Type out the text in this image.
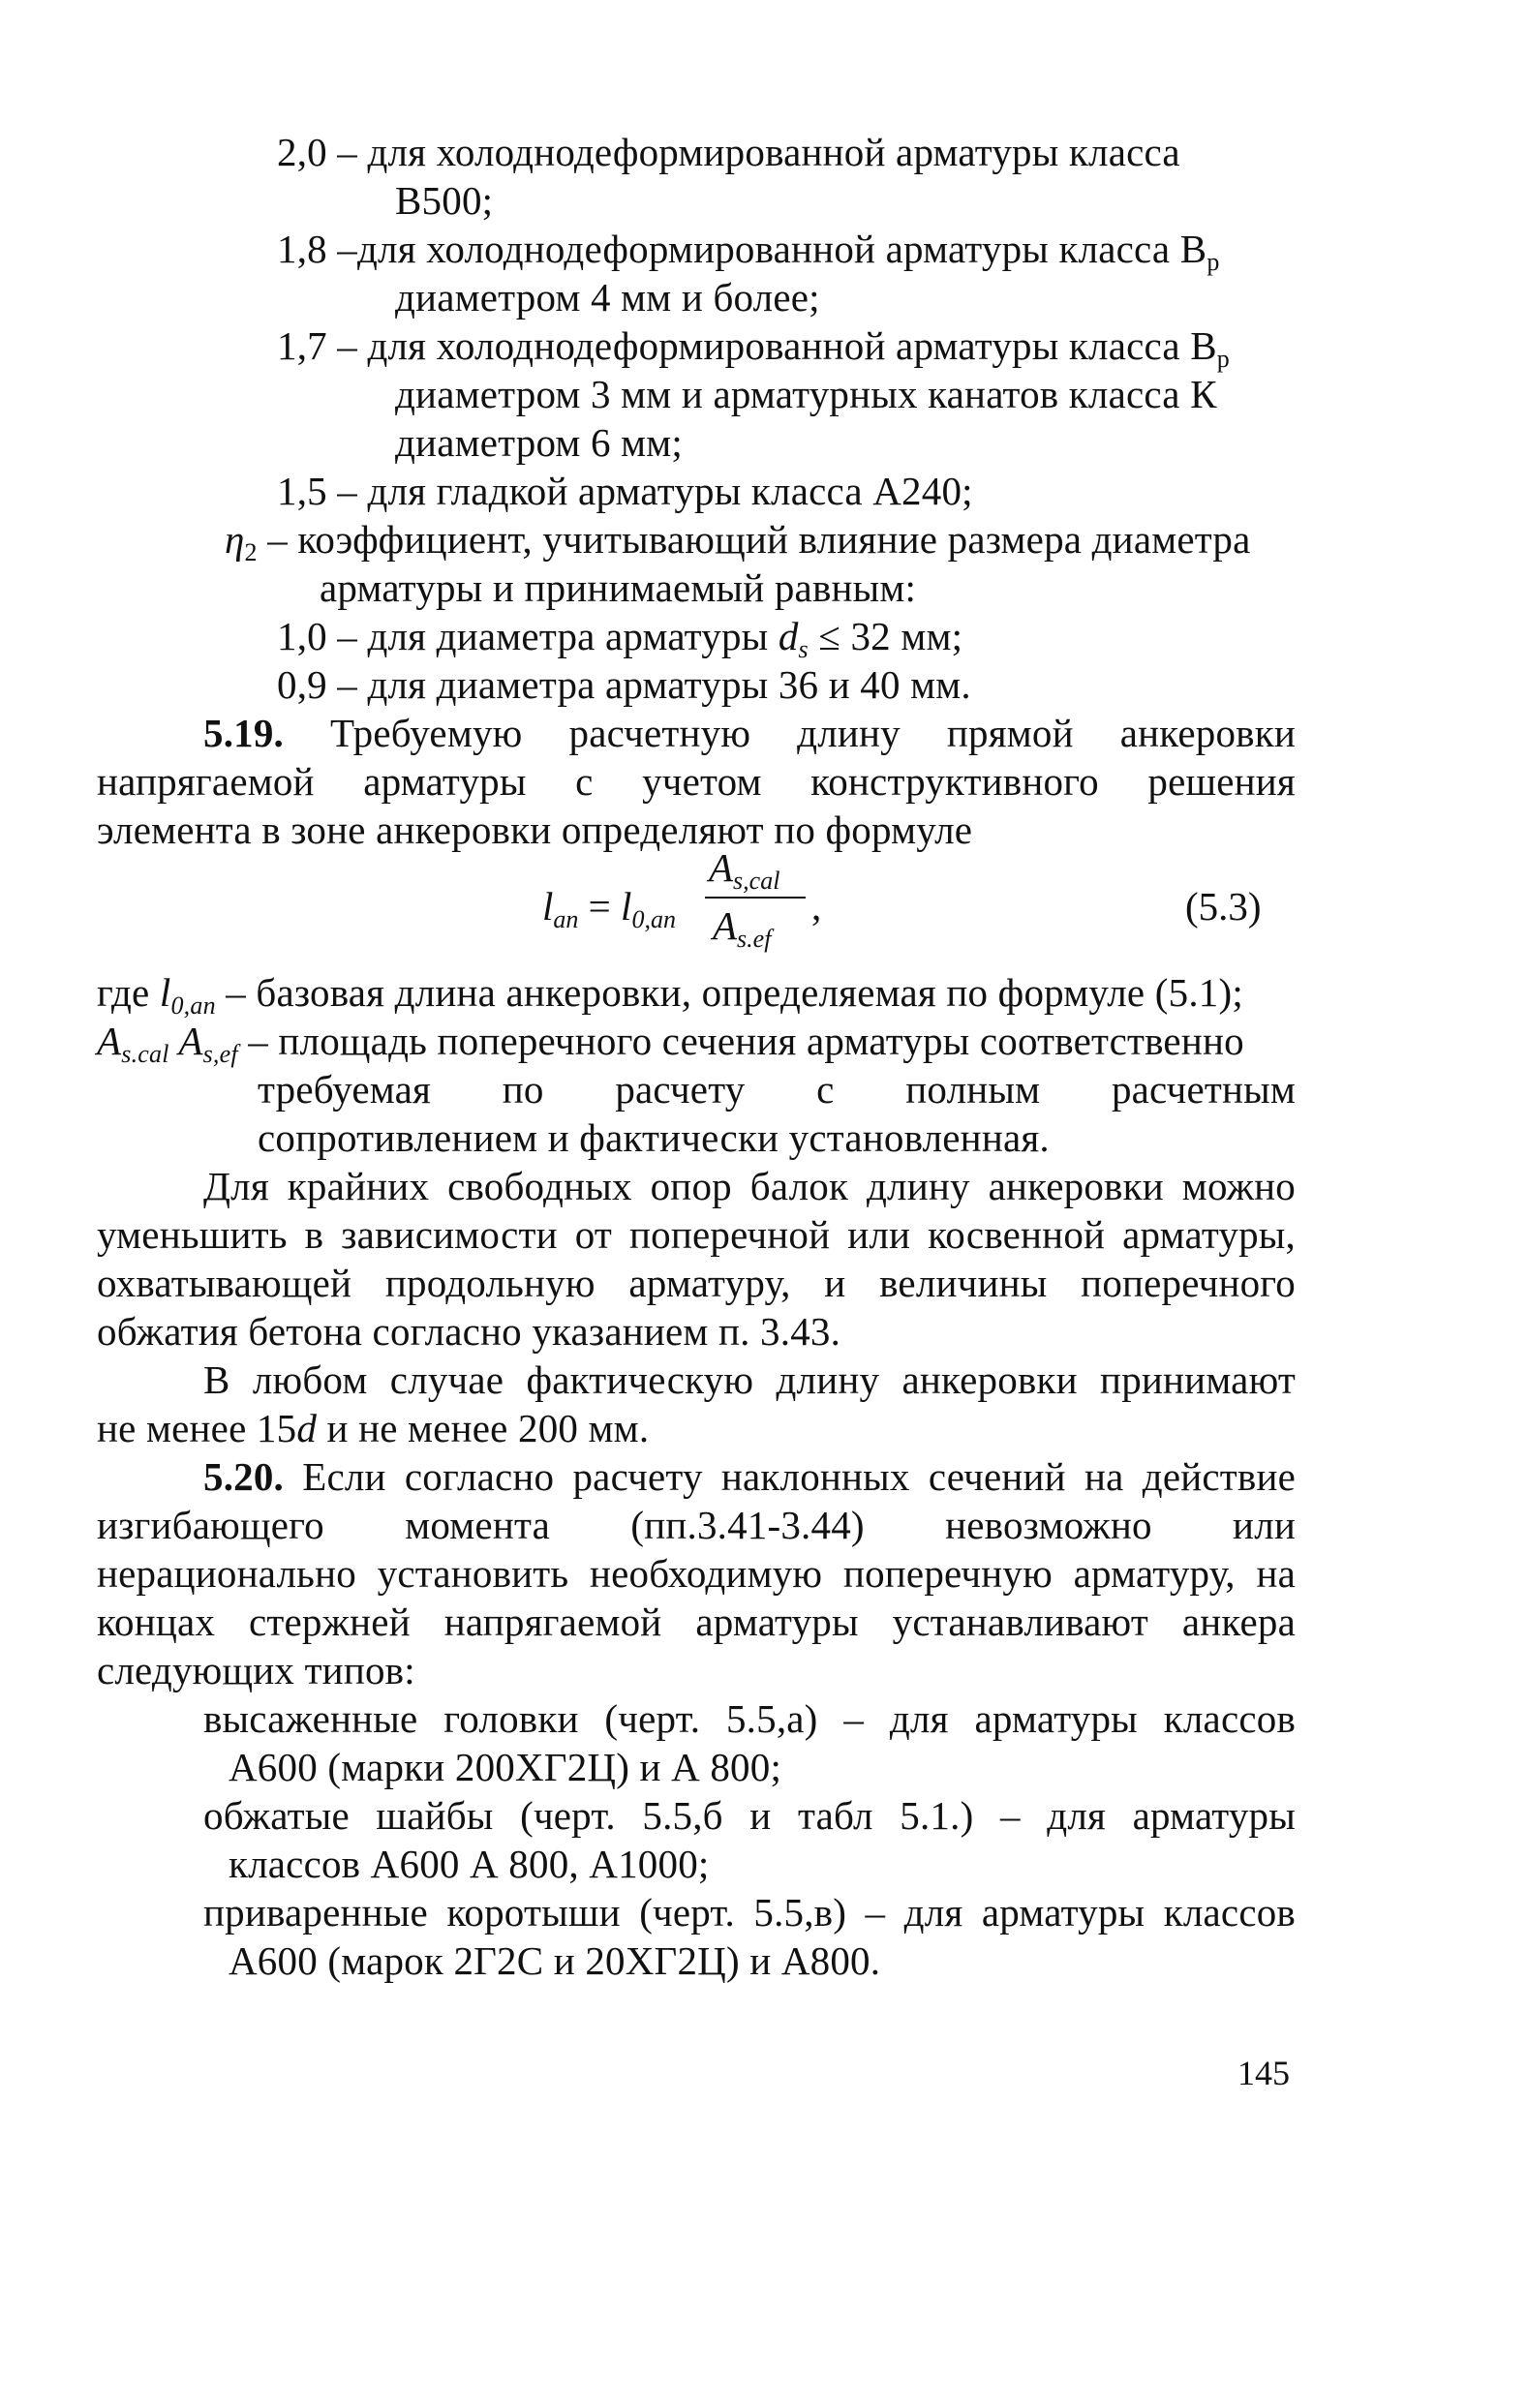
2,0 – для холоднодеформированной арматуры класса
B500;
1,8 –для холоднодеформированной арматуры класса $B_p$
диаметром 4 мм и более;
1,7 – для холоднодеформированной арматуры класса $B_p$
диаметром 3 мм и арматурных канатов класса К
диаметром 6 мм;
1,5 – для гладкой арматуры класса А240;
$\eta_2$ – коэффициент, учитывающий влияние размера диаметра
арматуры и принимаемый равным:
1,0 – для диаметра арматуры $d_s \le 32$ мм;
0,9 – для диаметра арматуры 36 и 40 мм.
5.19. Требуемую расчетную длину прямой анкеровки
напрягаемой арматуры с учетом конструктивного решения
элемента в зоне анкеровки определяют по формуле
$l_{an} = l_{0,an}$
$A_{s,cal}$
$A_{s.ef}$
,	(5.3)
где $l_{0,an}$ – базовая длина анкеровки, определяемая по формуле (5.1);
$A_{s.cal}$ $A_{s,ef}$ – площадь поперечного сечения арматуры соответственно
требуемая по расчету с полным расчетным
сопротивлением и фактически установленная.
Для крайних свободных опор балок длину анкеровки можно
уменьшить в зависимости от поперечной или косвенной арматуры,
охватывающей продольную арматуру, и величины поперечного
обжатия бетона согласно указанием п. 3.43.
В любом случае фактическую длину анкеровки принимают
не менее 15d и не менее 200 мм.
5.20. Если согласно расчету наклонных сечений на действие
изгибающего момента (пп.3.41-3.44) невозможно или
нерационально установить необходимую поперечную арматуру, на
концах стержней напрягаемой арматуры устанавливают анкера
следующих типов:
высаженные головки (черт. 5.5,а) – для арматуры классов
А600 (марки 200ХГ2Ц) и А 800;
обжатые шайбы (черт. 5.5,б и табл 5.1.) – для арматуры
классов А600 А 800, А1000;
приваренные коротыши (черт. 5.5,в) – для арматуры классов
А600 (марок 2Г2С и 20ХГ2Ц) и А800.
145
